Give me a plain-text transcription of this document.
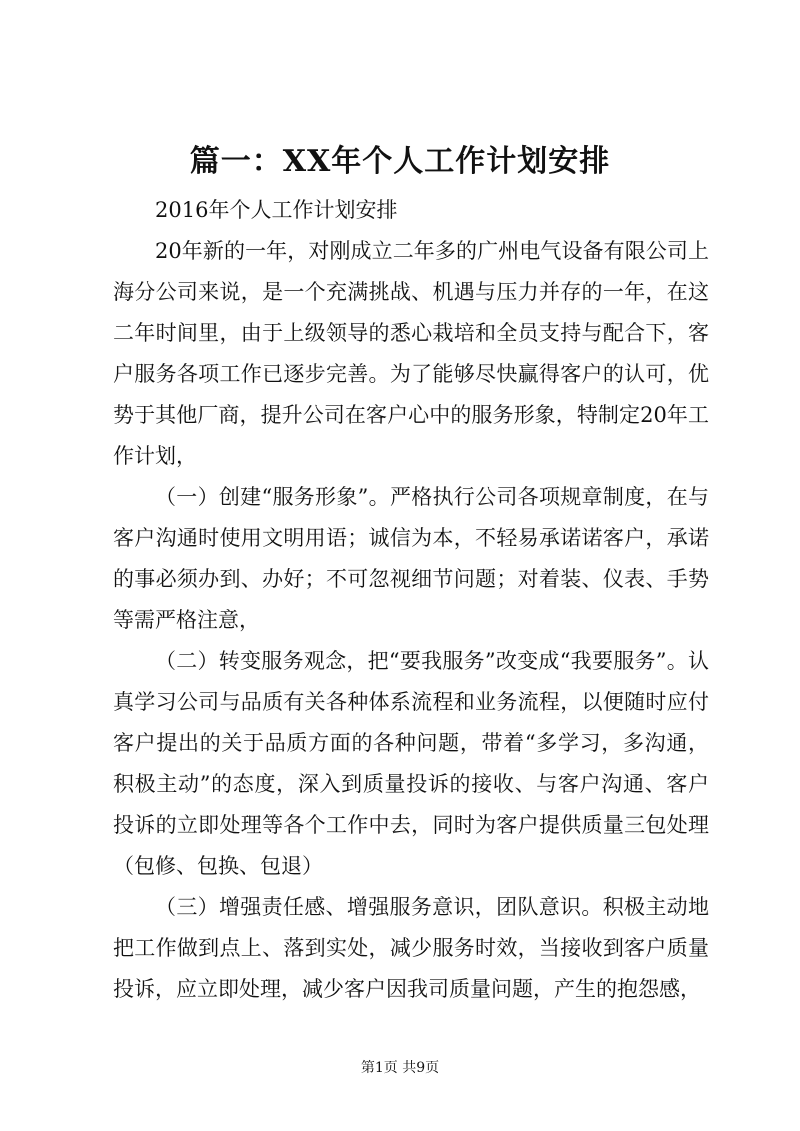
篇一：XX年个人工作计划安排

2016年个人工作计划安排

20年新的一年，对刚成立二年多的广州电气设备有限公司上海分公司来说，是一个充满挑战、机遇与压力并存的一年，在这二年时间里，由于上级领导的悉心栽培和全员支持与配合下，客户服务各项工作已逐步完善。为了能够尽快赢得客户的认可，优势于其他厂商，提升公司在客户心中的服务形象，特制定20年工作计划，

（一）创建“服务形象”。严格执行公司各项规章制度，在与客户沟通时使用文明用语；诚信为本，不轻易承诺诺客户，承诺的事必须办到、办好；不可忽视细节问题；对着装、仪表、手势等需严格注意，

（二）转变服务观念，把“要我服务”改变成“我要服务”。认真学习公司与品质有关各种体系流程和业务流程，以便随时应付客户提出的关于品质方面的各种问题，带着“多学习，多沟通，积极主动”的态度，深入到质量投诉的接收、与客户沟通、客户投诉的立即处理等各个工作中去，同时为客户提供质量三包处理（包修、包换、包退）

（三）增强责任感、增强服务意识，团队意识。积极主动地把工作做到点上、落到实处，减少服务时效，当接收到客户质量投诉，应立即处理，减少客户因我司质量问题，产生的抱怨感，

第1页 共9页
